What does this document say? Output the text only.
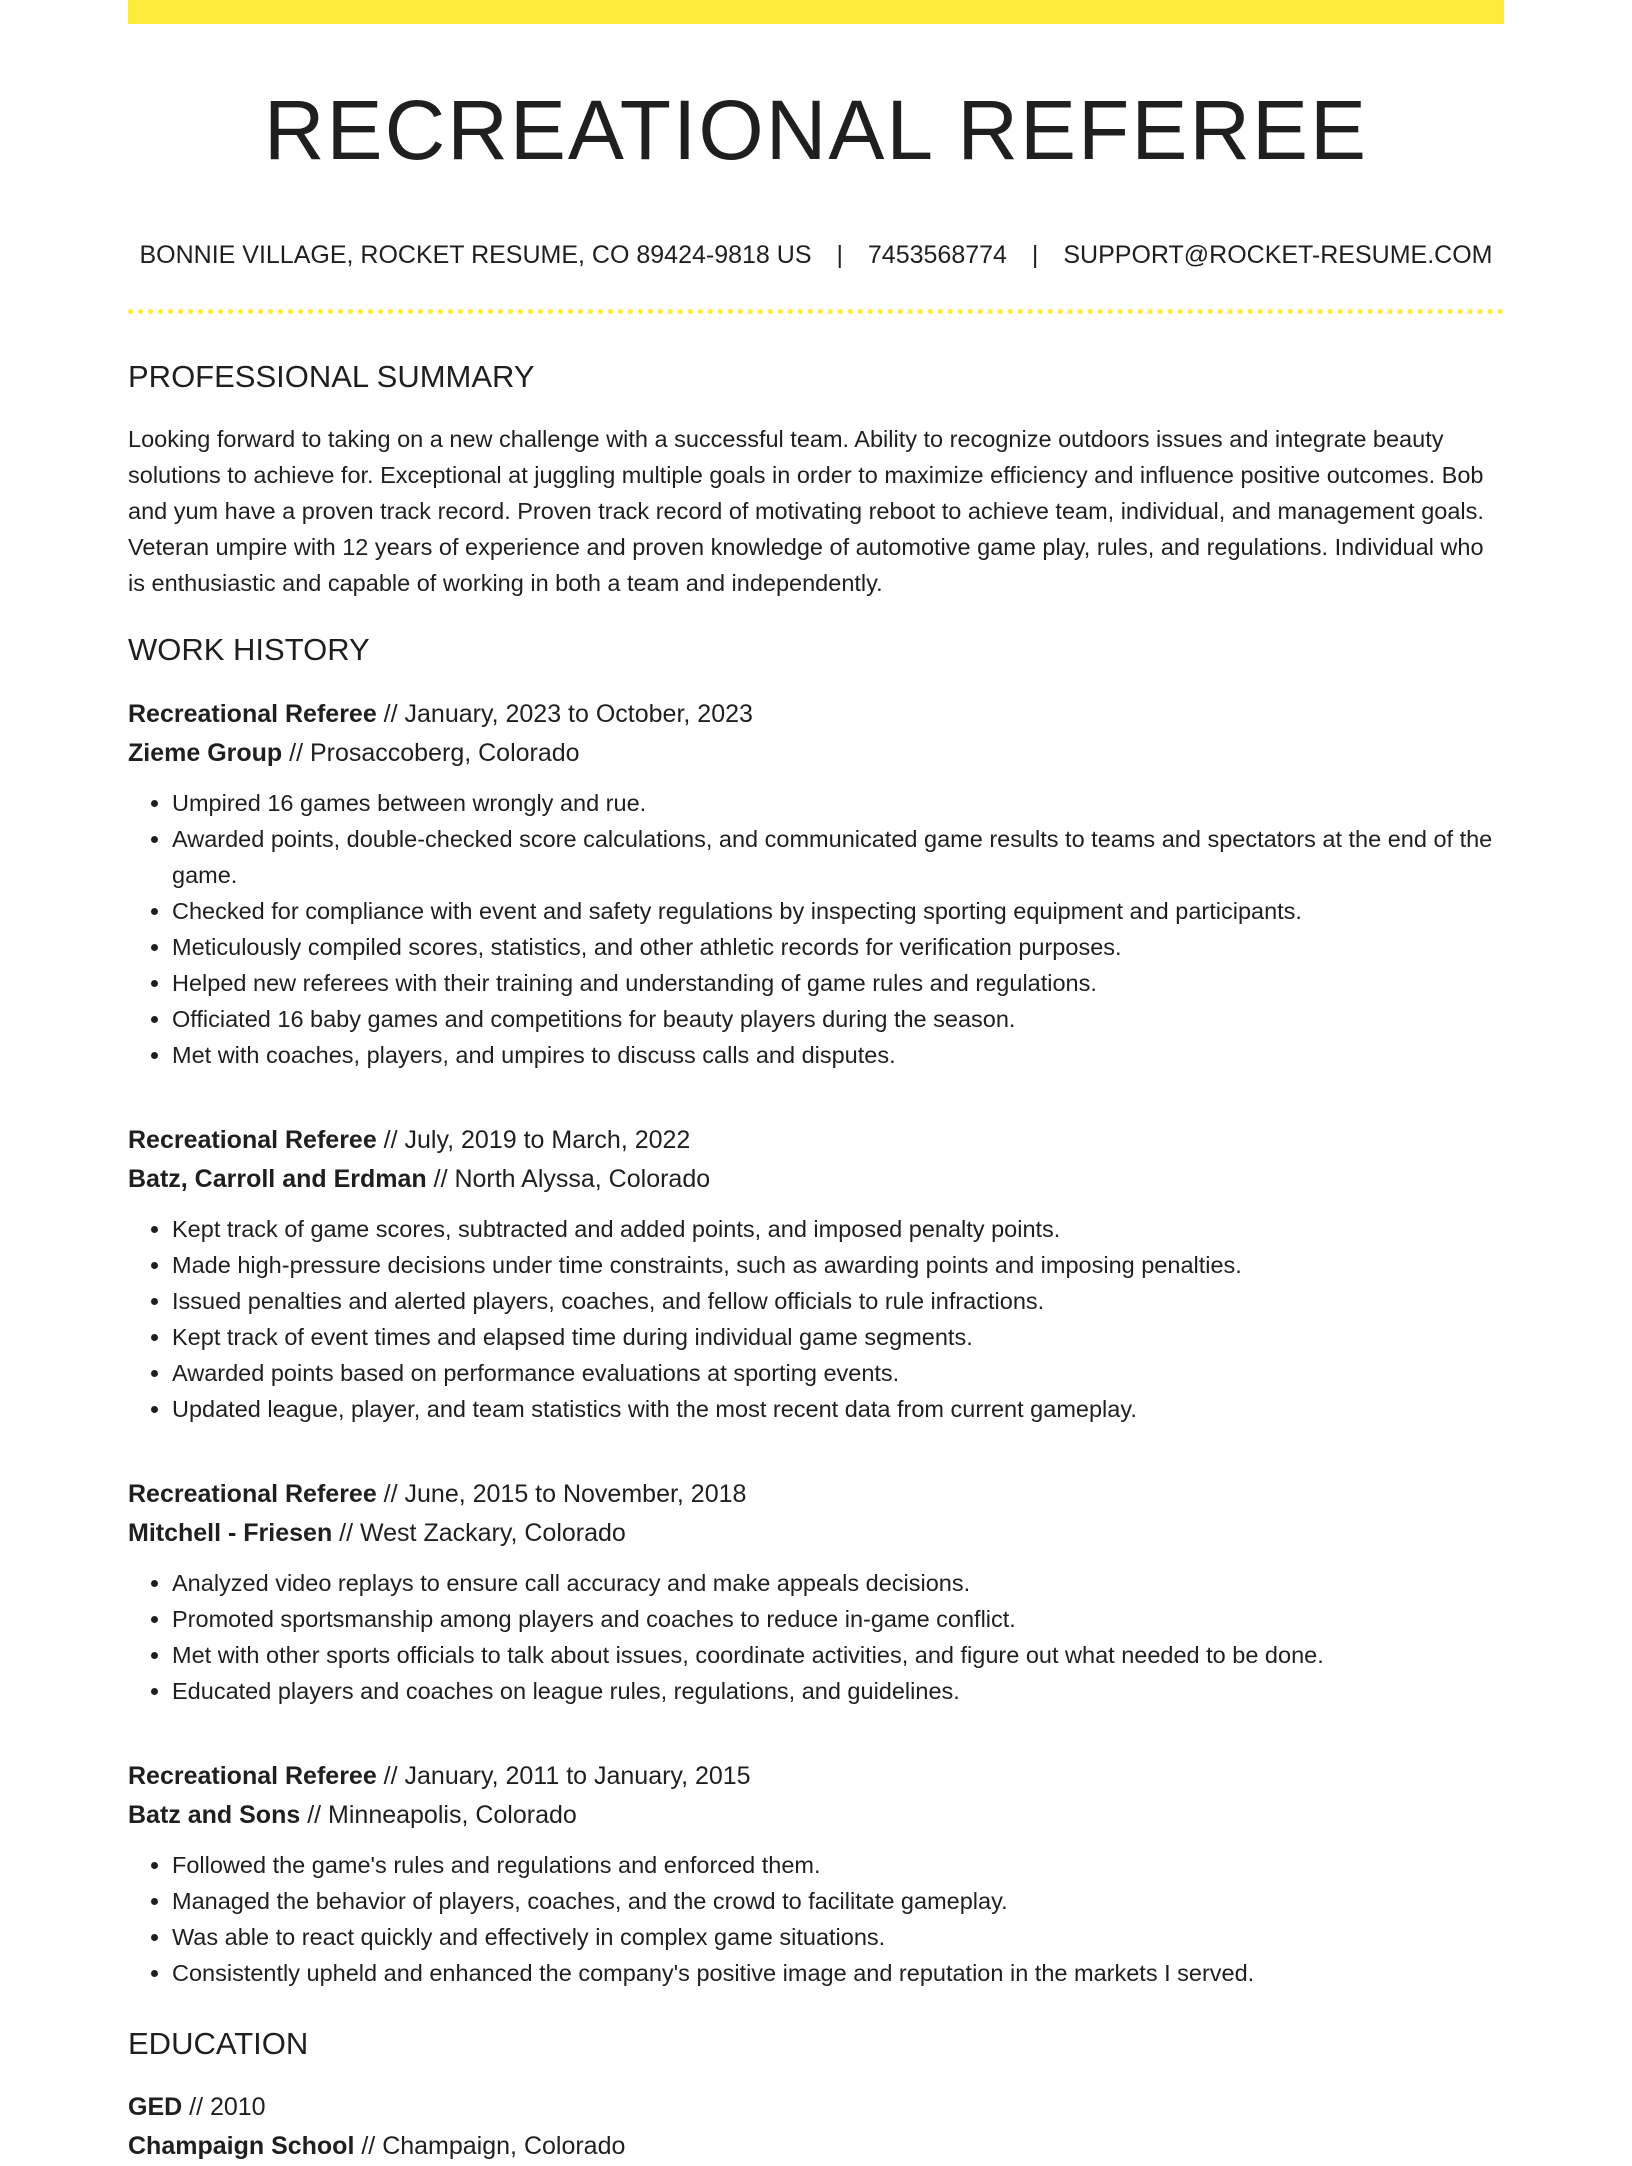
RECREATIONAL REFEREE
BONNIE VILLAGE, ROCKET RESUME, CO 89424-9818 US | 7453568774 | SUPPORT@ROCKET-RESUME.COM
PROFESSIONAL SUMMARY

Looking forward to taking on a new challenge with a successful team. Ability to recognize outdoors issues and integrate beauty solutions to achieve for. Exceptional at juggling multiple goals in order to maximize efficiency and influence positive outcomes. Bob and yum have a proven track record. Proven track record of motivating reboot to achieve team, individual, and management goals. Veteran umpire with 12 years of experience and proven knowledge of automotive game play, rules, and regulations. Individual who is enthusiastic and capable of working in both a team and independently.

WORK HISTORY
Recreational Referee // January, 2023 to October, 2023
Zieme Group // Prosaccoberg, Colorado
• Umpired 16 games between wrongly and rue.
• Awarded points, double-checked score calculations, and communicated game results to teams and spectators at the end of the game.
• Checked for compliance with event and safety regulations by inspecting sporting equipment and participants.
• Meticulously compiled scores, statistics, and other athletic records for verification purposes.
• Helped new referees with their training and understanding of game rules and regulations.
• Officiated 16 baby games and competitions for beauty players during the season.
• Met with coaches, players, and umpires to discuss calls and disputes.
Recreational Referee // July, 2019 to March, 2022
Batz, Carroll and Erdman // North Alyssa, Colorado
• Kept track of game scores, subtracted and added points, and imposed penalty points.
• Made high-pressure decisions under time constraints, such as awarding points and imposing penalties.
• Issued penalties and alerted players, coaches, and fellow officials to rule infractions.
• Kept track of event times and elapsed time during individual game segments.
• Awarded points based on performance evaluations at sporting events.
• Updated league, player, and team statistics with the most recent data from current gameplay.
Recreational Referee // June, 2015 to November, 2018
Mitchell - Friesen // West Zackary, Colorado
• Analyzed video replays to ensure call accuracy and make appeals decisions.
• Promoted sportsmanship among players and coaches to reduce in-game conflict.
• Met with other sports officials to talk about issues, coordinate activities, and figure out what needed to be done.
• Educated players and coaches on league rules, regulations, and guidelines.
Recreational Referee // January, 2011 to January, 2015
Batz and Sons // Minneapolis, Colorado
• Followed the game's rules and regulations and enforced them.
• Managed the behavior of players, coaches, and the crowd to facilitate gameplay.
• Was able to react quickly and effectively in complex game situations.
• Consistently upheld and enhanced the company's positive image and reputation in the markets I served.
EDUCATION
GED // 2010
Champaign School // Champaign, Colorado
